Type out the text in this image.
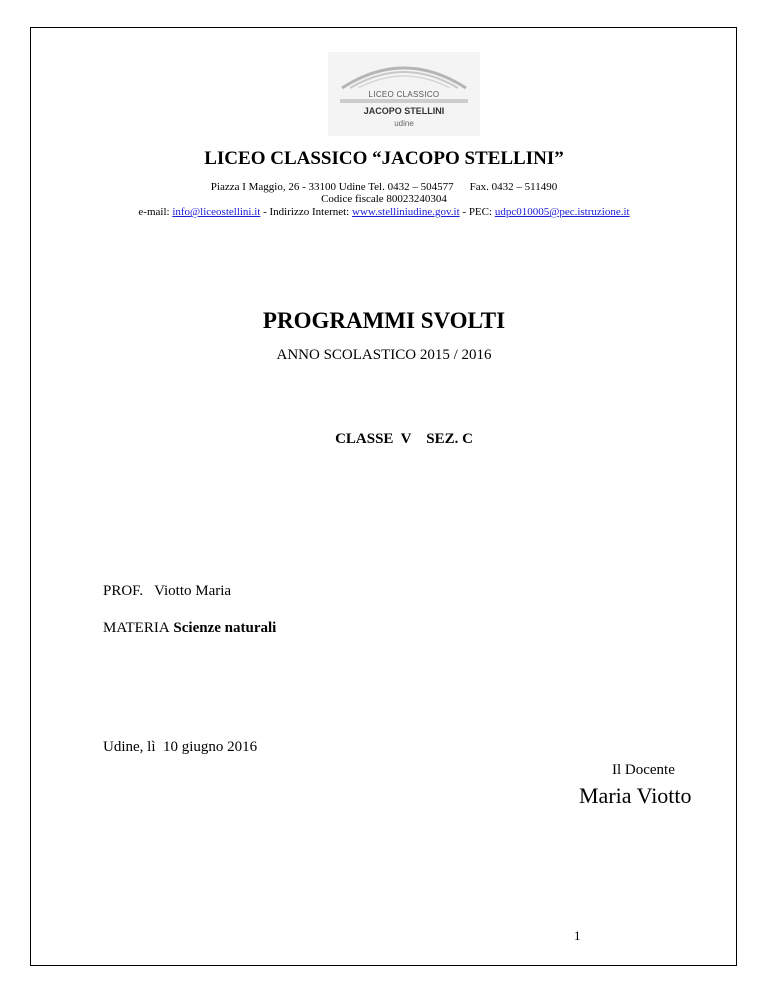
LICEO CLASSICO
JACOPO STELLINI
udine
LICEO CLASSICO “JACOPO STELLINI”
Piazza I Maggio, 26 - 33100 Udine Tel. 0432 – 504577 Fax. 0432 – 511490
Codice fiscale 80023240304
e-mail: info@liceostellini.it - Indirizzo Internet: www.stelliniudine.gov.it - PEC: udpc010005@pec.istruzione.it
PROGRAMMI SVOLTI
ANNO SCOLASTICO 2015 / 2016
CLASSE  V    SEZ. C
PROF. Viotto Maria
MATERIA Scienze naturali
Udine, lì  10 giugno 2016
Il Docente
Maria Viotto
1
